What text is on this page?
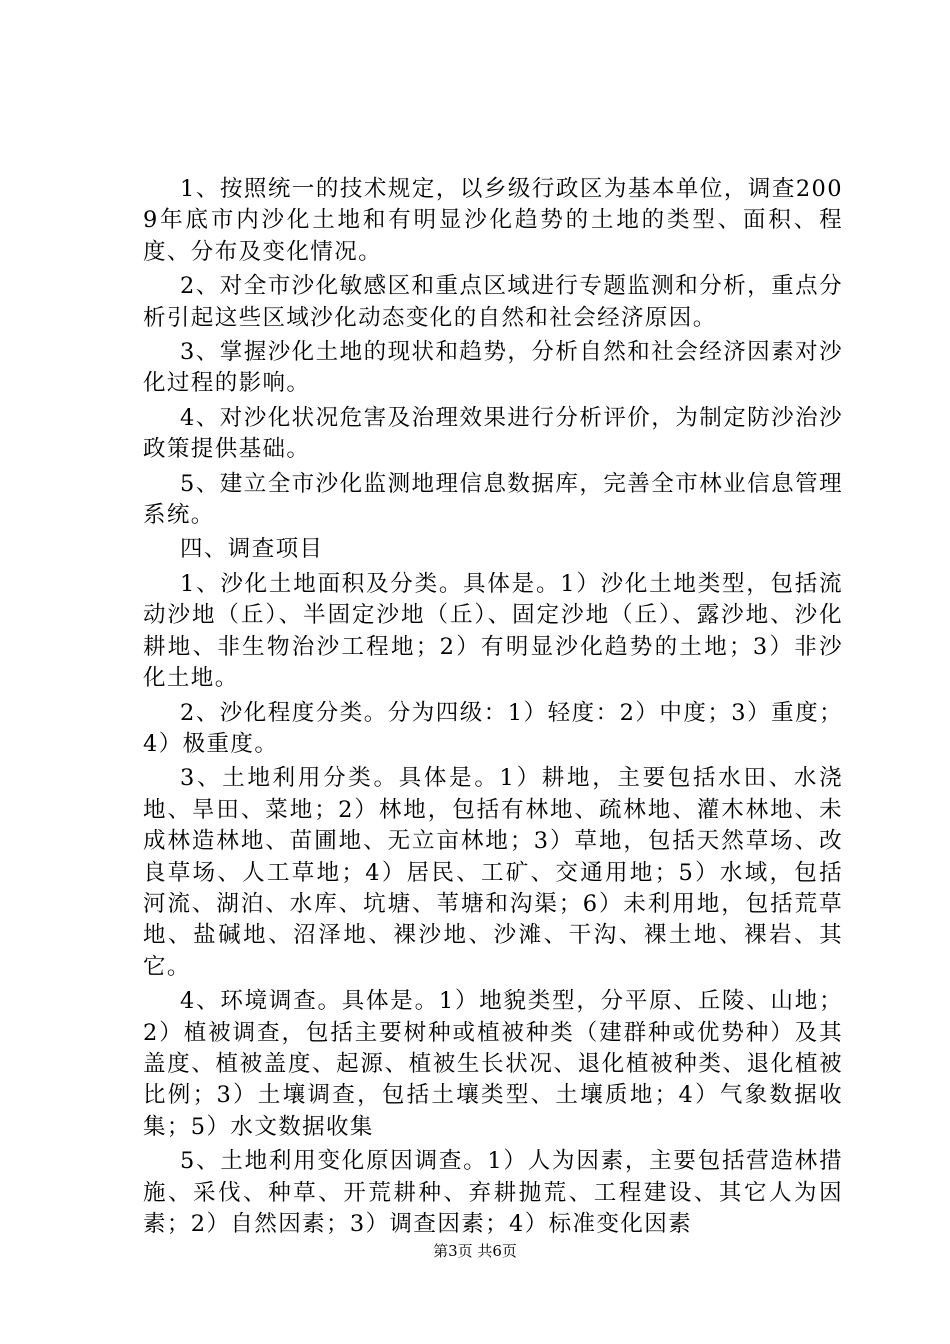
1、按照统一的技术规定，以乡级行政区为基本单位，调查2009年底市内沙化土地和有明显沙化趋势的土地的类型、面积、程度、分布及变化情况。

2、对全市沙化敏感区和重点区域进行专题监测和分析，重点分析引起这些区域沙化动态变化的自然和社会经济原因。

3、掌握沙化土地的现状和趋势，分析自然和社会经济因素对沙化过程的影响。

4、对沙化状况危害及治理效果进行分析评价，为制定防沙治沙政策提供基础。

5、建立全市沙化监测地理信息数据库，完善全市林业信息管理系统。

四、调查项目

1、沙化土地面积及分类。具体是。1）沙化土地类型，包括流动沙地（丘）、半固定沙地（丘）、固定沙地（丘）、露沙地、沙化耕地、非生物治沙工程地；2）有明显沙化趋势的土地；3）非沙化土地。

2、沙化程度分类。分为四级：1）轻度：2）中度；3）重度；4）极重度。

3、土地利用分类。具体是。1）耕地，主要包括水田、水浇地、旱田、菜地；2）林地，包括有林地、疏林地、灌木林地、未成林造林地、苗圃地、无立亩林地；3）草地，包括天然草场、改良草场、人工草地；4）居民、工矿、交通用地；5）水域，包括河流、湖泊、水库、坑塘、苇塘和沟渠；6）未利用地，包括荒草地、盐碱地、沼泽地、裸沙地、沙滩、干沟、裸土地、裸岩、其它。

4、环境调查。具体是。1）地貌类型，分平原、丘陵、山地；2）植被调查，包括主要树种或植被种类（建群种或优势种）及其盖度、植被盖度、起源、植被生长状况、退化植被种类、退化植被比例；3）土壤调查，包括土壤类型、土壤质地；4）气象数据收集；5）水文数据收集

5、土地利用变化原因调查。1）人为因素，主要包括营造林措施、采伐、种草、开荒耕种、弃耕抛荒、工程建设、其它人为因素；2）自然因素；3）调查因素；4）标准变化因素

第3页 共6页
